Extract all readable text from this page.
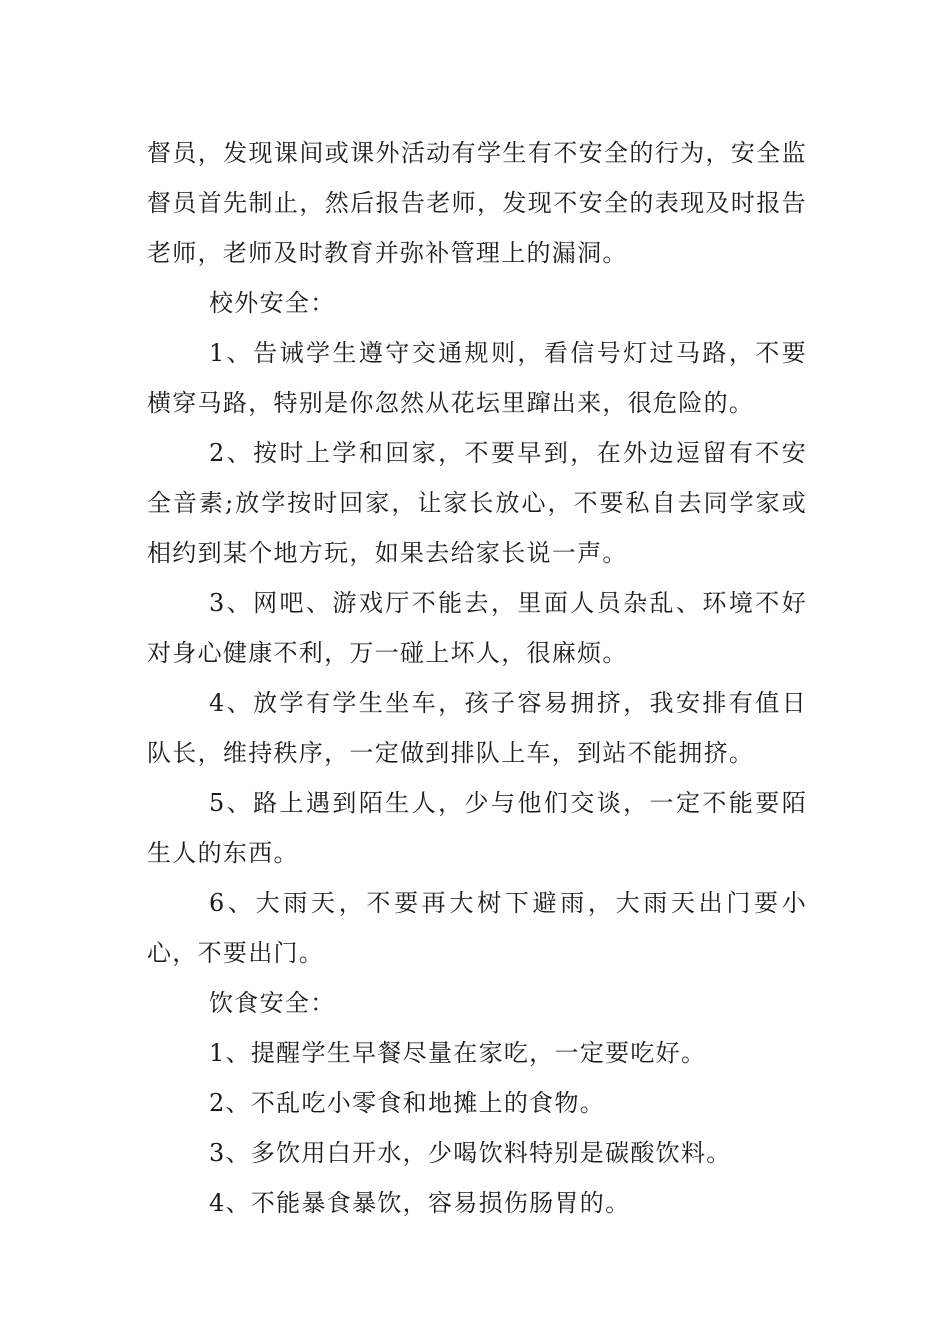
督员，发现课间或课外活动有学生有不安全的行为，安全监督员首先制止，然后报告老师，发现不安全的表现及时报告老师，老师及时教育并弥补管理上的漏洞。

校外安全：

1、告诫学生遵守交通规则，看信号灯过马路，不要横穿马路，特别是你忽然从花坛里蹿出来，很危险的。

2、按时上学和回家，不要早到，在外边逗留有不安全音素;放学按时回家，让家长放心，不要私自去同学家或相约到某个地方玩，如果去给家长说一声。

3、网吧、游戏厅不能去，里面人员杂乱、环境不好对身心健康不利，万一碰上坏人，很麻烦。

4、放学有学生坐车，孩子容易拥挤，我安排有值日队长，维持秩序，一定做到排队上车，到站不能拥挤。

5、路上遇到陌生人，少与他们交谈，一定不能要陌生人的东西。

6、大雨天，不要再大树下避雨，大雨天出门要小心，不要出门。

饮食安全：

1、提醒学生早餐尽量在家吃，一定要吃好。

2、不乱吃小零食和地摊上的食物。

3、多饮用白开水，少喝饮料特别是碳酸饮料。

4、不能暴食暴饮，容易损伤肠胃的。
